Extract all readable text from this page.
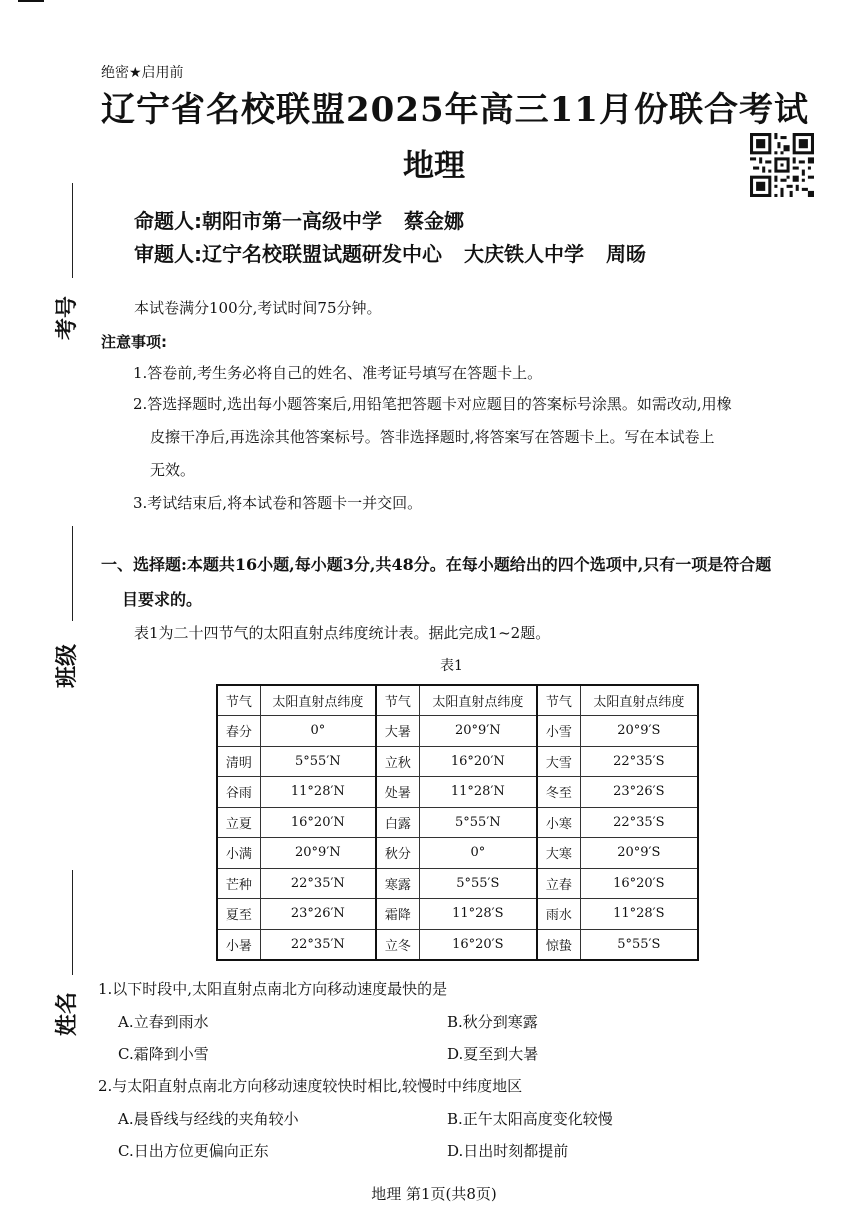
考号
班级
姓名
绝密★启用前
辽宁省名校联盟2025年高三11月份联合考试
地理
命题人:朝阳市第一高级中学 蔡金娜
审题人:辽宁名校联盟试题研发中心 大庆铁人中学 周旸
本试卷满分100分,考试时间75分钟。
注意事项:
1.答卷前,考生务必将自己的姓名、准考证号填写在答题卡上。
2.答选择题时,选出每小题答案后,用铅笔把答题卡对应题目的答案标号涂黑。如需改动,用橡
皮擦干净后,再选涂其他答案标号。答非选择题时,将答案写在答题卡上。写在本试卷上
无效。
3.考试结束后,将本试卷和答题卡一并交回。
一、选择题:本题共16小题,每小题3分,共48分。在每小题给出的四个选项中,只有一项是符合题
目要求的。
表1为二十四节气的太阳直射点纬度统计表。据此完成1~2题。
表1
节气	太阳直射点纬度	节气	太阳直射点纬度	节气	太阳直射点纬度
春分	0°	大暑	20°9′N	小雪	20°9′S
清明	5°55′N	立秋	16°20′N	大雪	22°35′S
谷雨	11°28′N	处暑	11°28′N	冬至	23°26′S
立夏	16°20′N	白露	5°55′N	小寒	22°35′S
小满	20°9′N	秋分	0°	大寒	20°9′S
芒种	22°35′N	寒露	5°55′S	立春	16°20′S
夏至	23°26′N	霜降	11°28′S	雨水	11°28′S
小暑	22°35′N	立冬	16°20′S	惊蛰	5°55′S
1.以下时段中,太阳直射点南北方向移动速度最快的是
A.立春到雨水	B.秋分到寒露
C.霜降到小雪	D.夏至到大暑
2.与太阳直射点南北方向移动速度较快时相比,较慢时中纬度地区
A.晨昏线与经线的夹角较小	B.正午太阳高度变化较慢
C.日出方位更偏向正东	D.日出时刻都提前
地理 第1页(共8页)
